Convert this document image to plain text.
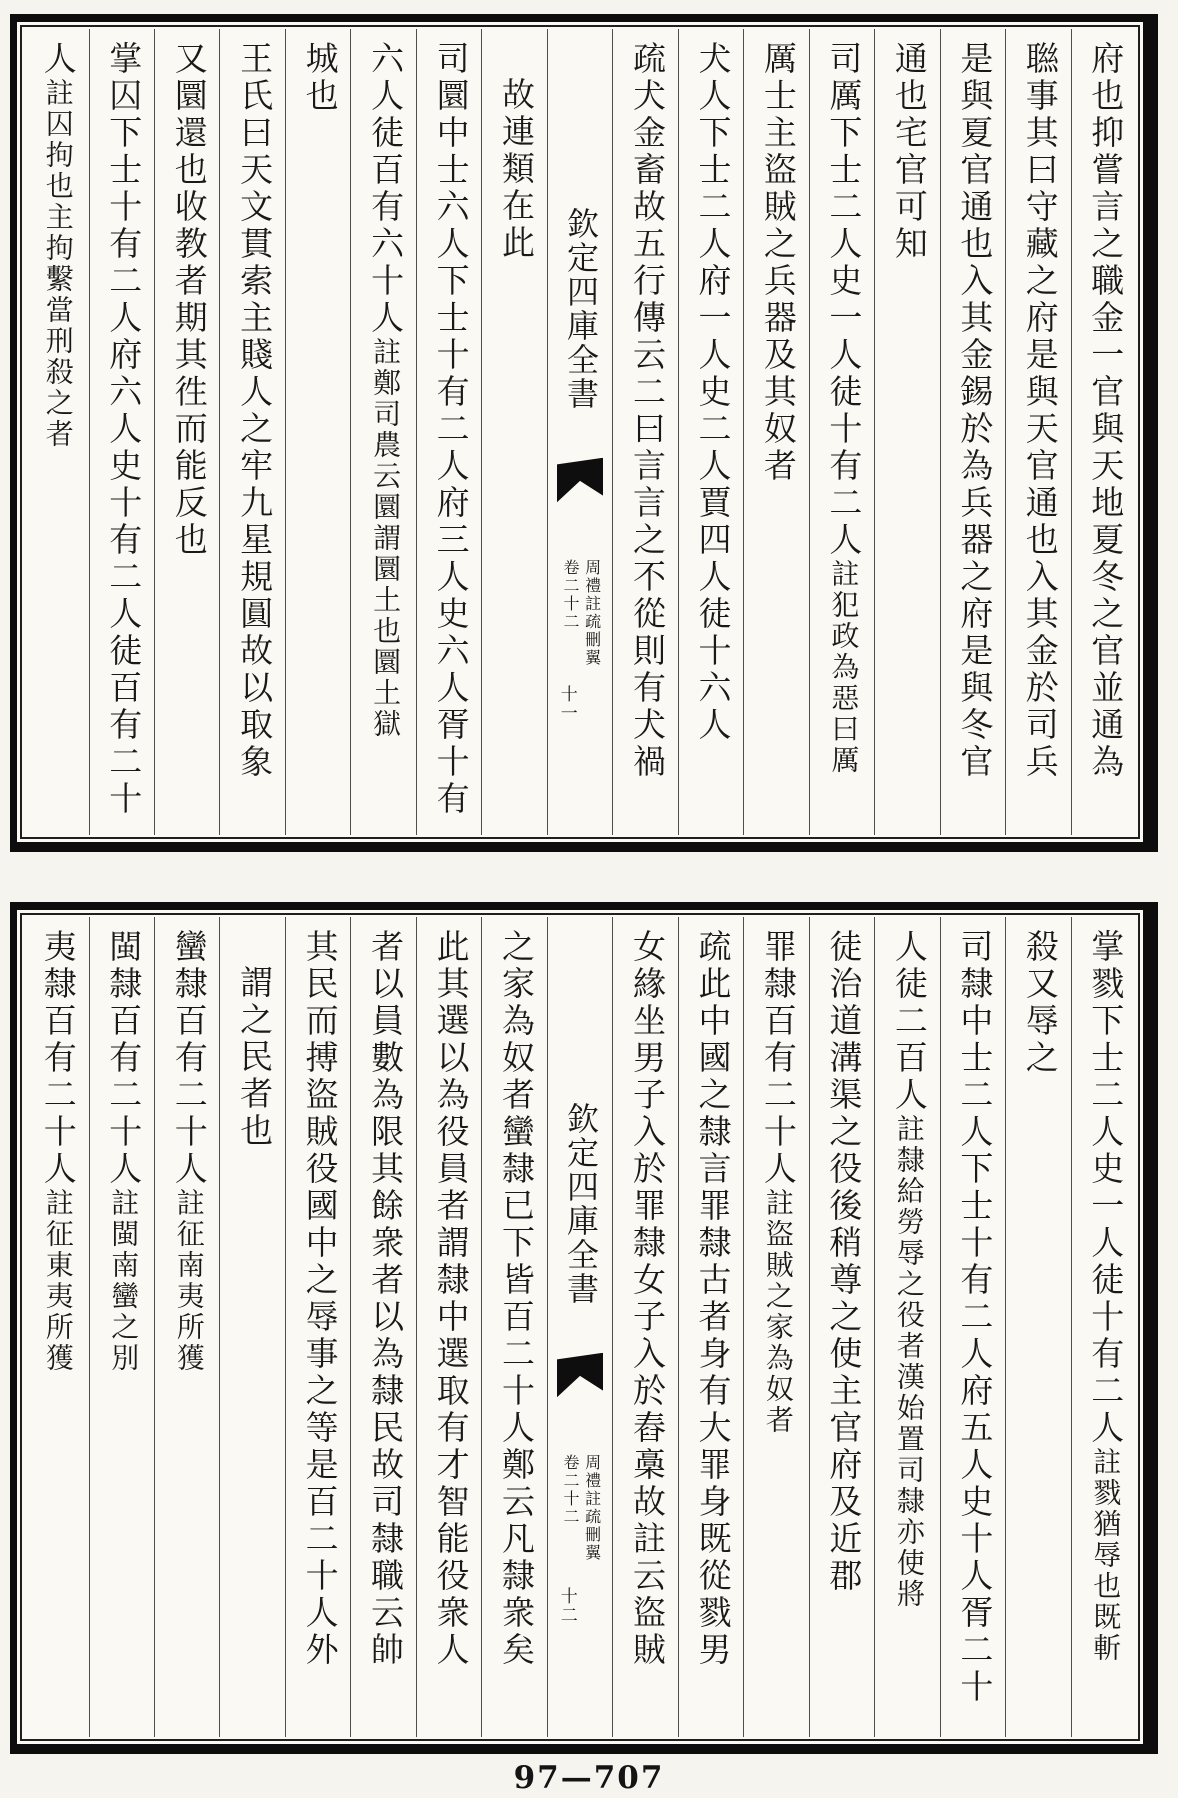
府也抑嘗言之職金一官與天地夏冬之官並通為
聮事其曰守藏之府是與天官通也入其金於司兵
是與夏官通也入其金錫於為兵器之府是與冬官
通也宅官可知
司厲下士二人史一人徒十有二人註犯政為惡曰厲
厲士主盜賊之兵器及其奴者
犬人下士二人府一人史二人賈四人徒十六人
疏犬金畜故五行傳云二曰言言之不從則有犬禍
欽定四庫全書
周禮註疏刪翼
卷二十二
十一
故連類在此
司圜中士六人下士十有二人府三人史六人胥十有
六人徒百有六十人註鄭司農云圜謂圜土也圜土獄
城也
王氏曰天文貫索主賤人之牢九星規圓故以取象
又圜還也收教者期其徃而能反也
掌囚下士十有二人府六人史十有二人徒百有二十
人註囚拘也主拘繫當刑殺之者
掌戮下士二人史一人徒十有二人註戮猶辱也既斬
殺又辱之
司隸中士二人下士十有二人府五人史十人胥二十
人徒二百人註隸給勞辱之役者漢始置司隸亦使將
徒治道溝渠之役後稍尊之使主官府及近郡
罪隸百有二十人註盜賊之家為奴者
疏此中國之隸言罪隸古者身有大罪身既從戮男
女緣坐男子入於罪隸女子入於舂槀故註云盜賊
欽定四庫全書
周禮註疏刪翼
卷二十二
十二
之家為奴者蠻隸已下皆百二十人鄭云凡隸衆矣
此其選以為役員者謂隸中選取有才智能役衆人
者以員數為限其餘衆者以為隸民故司隸職云帥
其民而搏盜賊役國中之辱事之等是百二十人外
謂之民者也
蠻隸百有二十人註征南夷所獲
閩隸百有二十人註閩南蠻之別
夷隸百有二十人註征東夷所獲
97—707
